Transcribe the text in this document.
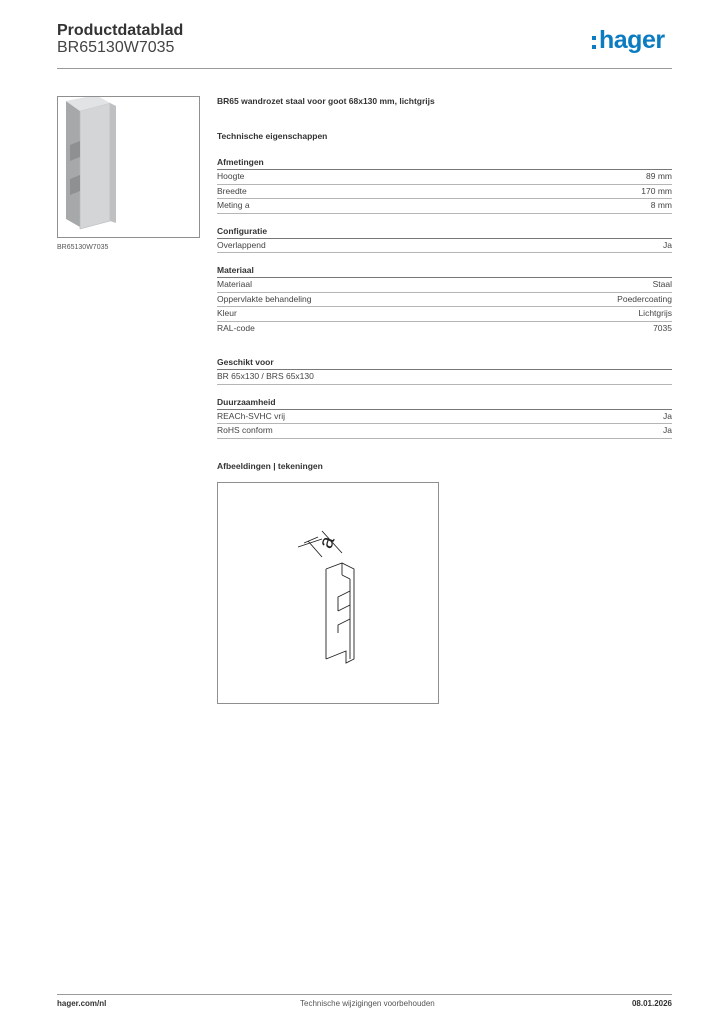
Productdatablad
BR65130W7035	hager
BR65130W7035
BR65 wandrozet staal voor goot 68x130 mm, lichtgrijs
Technische eigenschappen
Afmetingen
Hoogte	89 mm
Breedte	170 mm
Meting a	8 mm
Configuratie
Overlappend	Ja
Materiaal
Materiaal	Staal
Oppervlakte behandeling	Poedercoating
Kleur	Lichtgrijs
RAL-code	7035
Geschikt voor
BR 65x130 / BRS 65x130
Duurzaamheid
REACh-SVHC vrij	Ja
RoHS conform	Ja
Afbeeldingen | tekeningen
a
hager.com/nl	Technische wijzigingen voorbehouden	08.01.2026
